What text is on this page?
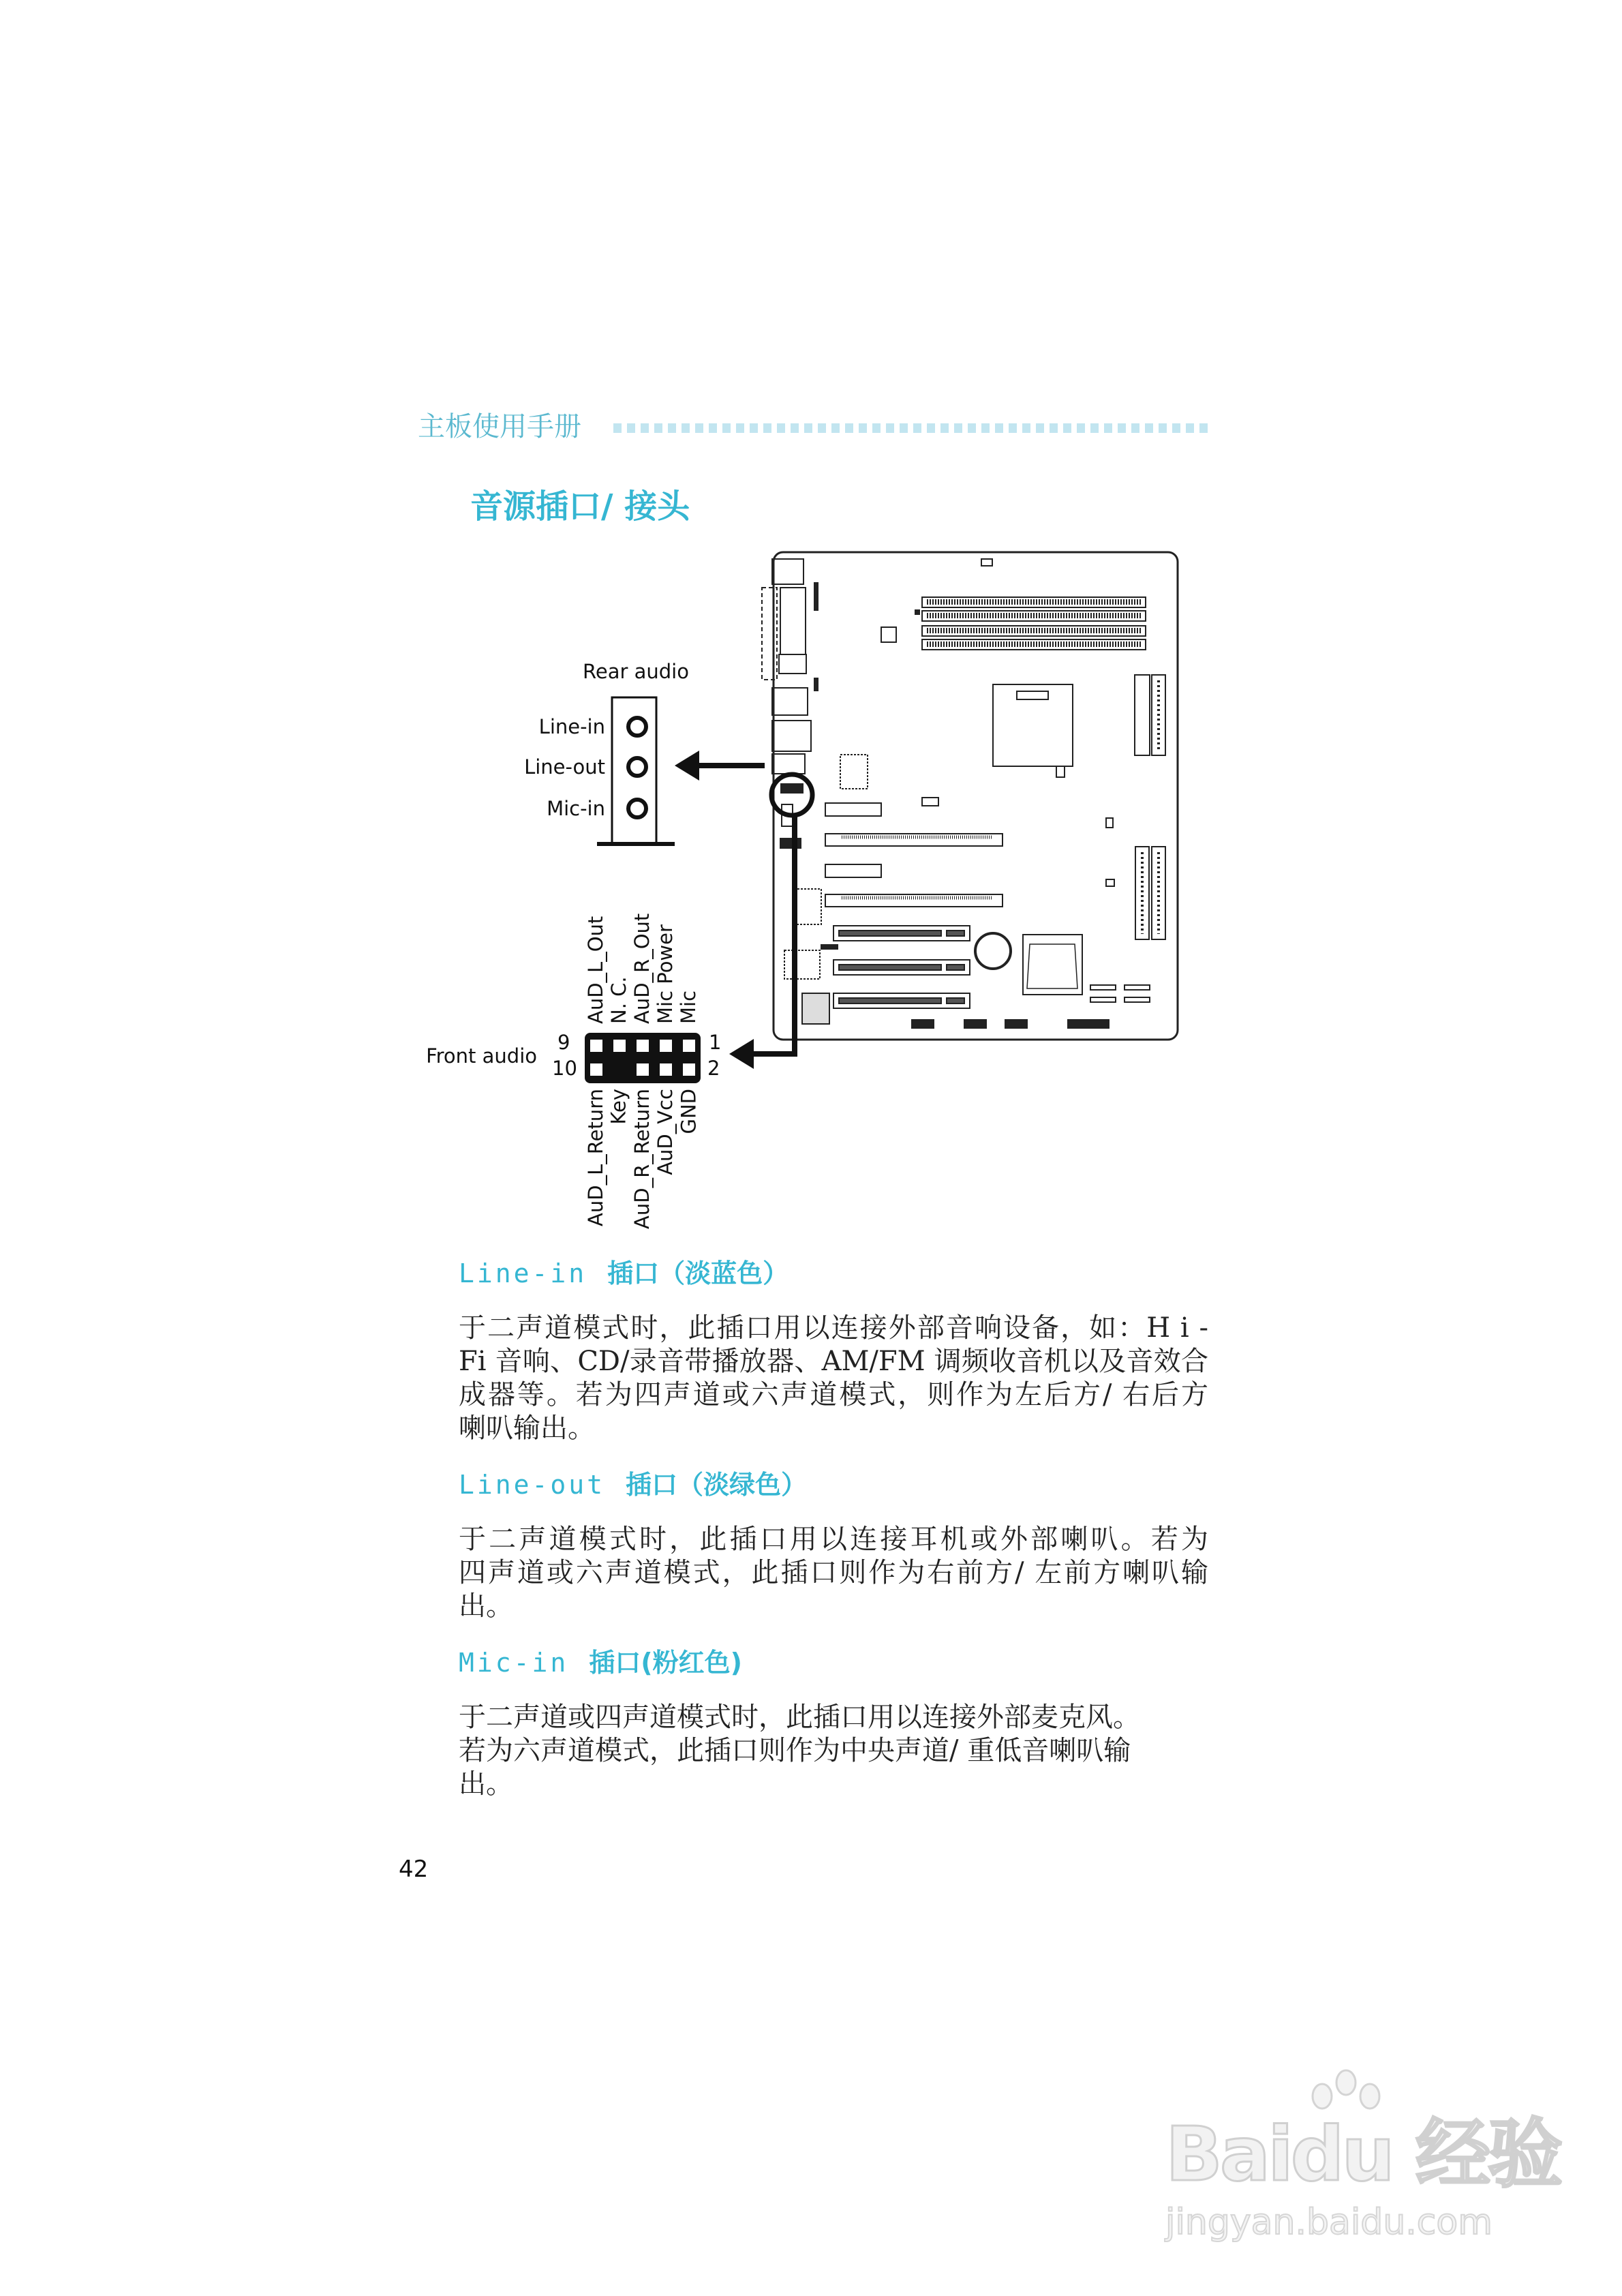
主板使用手册
音源插口/ 接头
Rear audio
Line-in
Line-out
Mic-in
Front audio
9
10
1
2
AuD_L_Out N. C. AuD_R_Out Mic Power Mic
AuD_L_Return Key AuD_R_Return AuD_Vcc GND
Line-in 插口（淡蓝色）
于二声道模式时，此插口用以连接外部音响设备，如：H i -
Fi 音响、CD/录音带播放器、AM/FM 调频收音机以及音效合
成器等。若为四声道或六声道模式，则作为左后方/ 右后方
喇叭输出。
Line-out 插口（淡绿色）
于二声道模式时，此插口用以连接耳机或外部喇叭。若为
四声道或六声道模式，此插口则作为右前方/ 左前方喇叭输
出。
Mic-in 插口(粉红色)
于二声道或四声道模式时，此插口用以连接外部麦克风。
若为六声道模式，此插口则作为中央声道/ 重低音喇叭输
出。
42
Baidu 经验
jingyan.baidu.com
